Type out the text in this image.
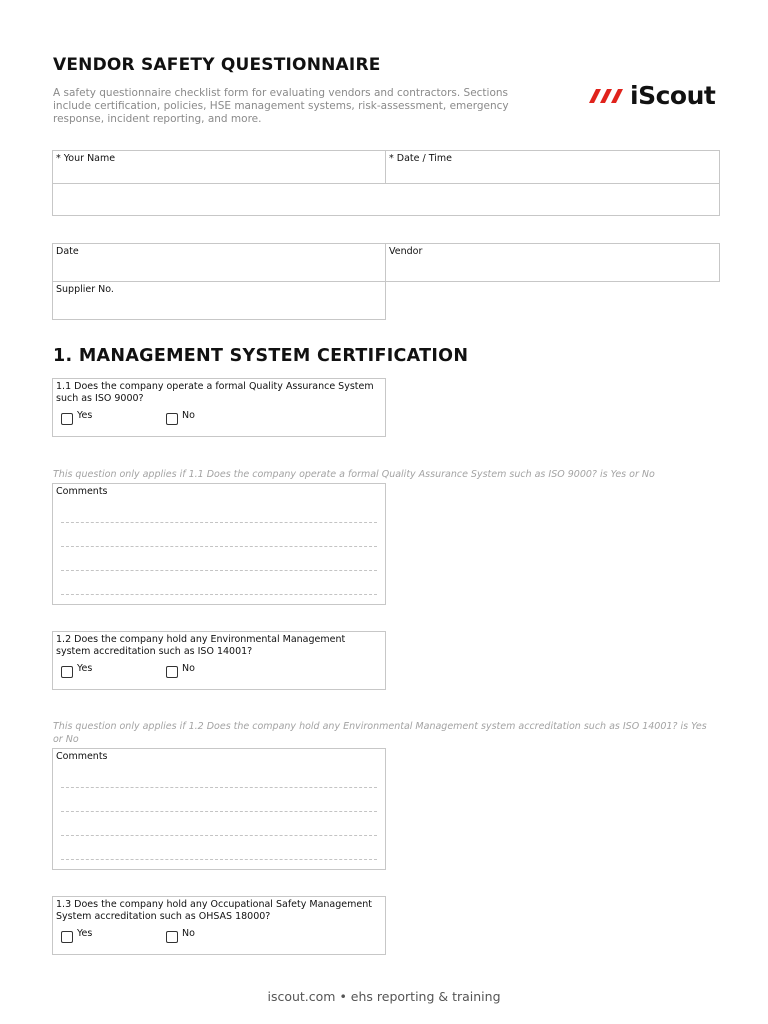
VENDOR SAFETY QUESTIONNAIRE
A safety questionnaire checklist form for evaluating vendors and contractors. Sections include certification, policies, HSE management systems, risk-assessment, emergency response, incident reporting, and more.
iScout
* Your Name	* Date / Time
Date	Vendor
Supplier No.
1. MANAGEMENT SYSTEM CERTIFICATION
1.1 Does the company operate a formal Quality Assurance System such as ISO 9000?
Yes	No
This question only applies if 1.1 Does the company operate a formal Quality Assurance System such as ISO 9000? is Yes or No
Comments
1.2 Does the company hold any Environmental Management system accreditation such as ISO 14001?
Yes	No
This question only applies if 1.2 Does the company hold any Environmental Management system accreditation such as ISO 14001? is Yes or No
Comments
1.3 Does the company hold any Occupational Safety Management System accreditation such as OHSAS 18000?
Yes	No
iscout.com • ehs reporting & training
